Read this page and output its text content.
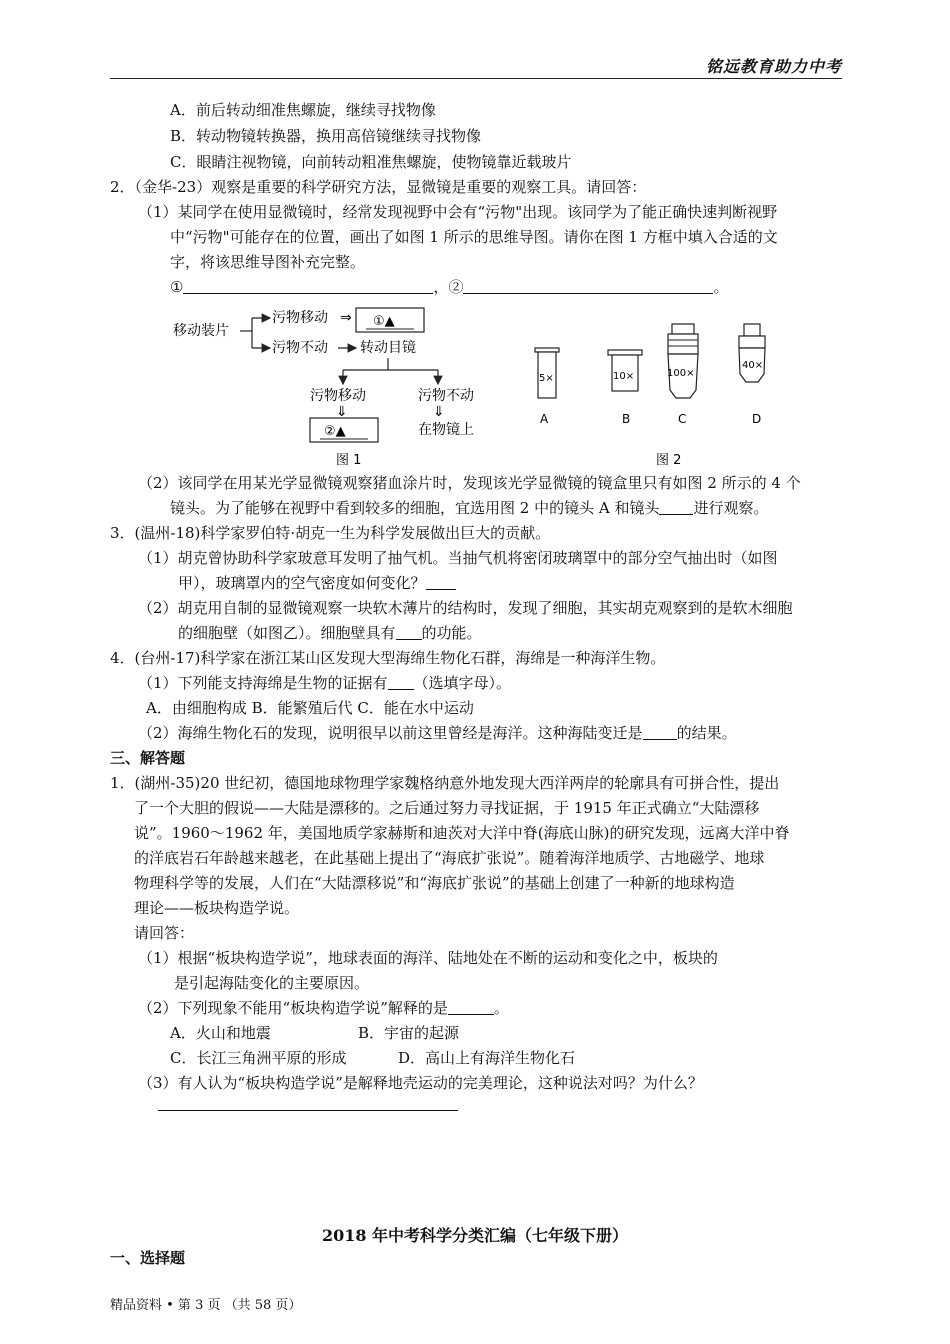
铭远教育助力中考
A．前后转动细准焦螺旋，继续寻找物像
B．转动物镜转换器，换用高倍镜继续寻找物像
C．眼睛注视物镜，向前转动粗准焦螺旋，使物镜靠近载玻片
2．（金华-23）观察是重要的科学研究方法，显微镜是重要的观察工具。请回答：
（1）某同学在使用显微镜时，经常发现视野中会有“污物"出现。该同学为了能正确快速判断视野
中“污物"可能存在的位置，画出了如图 1 所示的思维导图。请你在图 1 方框中填入合适的文
字，将该思维导图补充完整。
①	，②	。
移动装片
污物移动 ⇒ ①▲
污物不动 转动目镜
污物移动	污物不动
⇓	⇓
②▲	在物镜上
图 1
5×
A
10×
B
100×
C
40×
D
图 2
（2）该同学在用某光学显微镜观察猪血涂片时，发现该光学显微镜的镜盒里只有如图 2 所示的 4 个
镜头。为了能够在视野中看到较多的细胞，宜选用图 2 中的镜头 A 和镜头 进行观察。
3．(温州-18)科学家罗伯特·胡克一生为科学发展做出巨大的贡献。
（1）胡克曾协助科学家玻意耳发明了抽气机。当抽气机将密闭玻璃罩中的部分空气抽出时（如图
甲），玻璃罩内的空气密度如何变化？
（2）胡克用自制的显微镜观察一块软木薄片的结构时，发现了细胞，其实胡克观察到的是软木细胞
的细胞壁（如图乙）。细胞壁具有 的功能。
4．(台州-17)科学家在浙江某山区发现大型海绵生物化石群，海绵是一种海洋生物。
（1）下列能支持海绵是生物的证据有 （选填字母）。
A．由细胞构成 B．能繁殖后代 C．能在水中运动
（2）海绵生物化石的发现，说明很早以前这里曾经是海洋。这种海陆变迁是 的结果。
三、解答题
1．(湖州-35)20 世纪初，德国地球物理学家魏格纳意外地发现大西洋两岸的轮廓具有可拼合性，提出
了一个大胆的假说——大陆是漂移的。之后通过努力寻找证据，于 1915 年正式确立“大陆漂移
说”。1960～1962 年，美国地质学家赫斯和迪茨对大洋中脊(海底山脉)的研究发现，远离大洋中脊
的洋底岩石年龄越来越老，在此基础上提出了“海底扩张说”。随着海洋地质学、古地磁学、地球
物理科学等的发展，人们在“大陆漂移说”和“海底扩张说”的基础上创建了一种新的地球构造
理论——板块构造学说。
请回答：
（1）根据“板块构造学说”，地球表面的海洋、陆地处在不断的运动和变化之中，板块的
是引起海陆变化的主要原因。
（2）下列现象不能用“板块构造学说”解释的是	。
A．火山和地震	B．宇宙的起源
C．长江三角洲平原的形成	D．高山上有海洋生物化石
（3）有人认为“板块构造学说”是解释地壳运动的完美理论，这种说法对吗？为什么？
2018 年中考科学分类汇编（七年级下册）
一、选择题
精品资料 • 第 3 页 （共 58 页）
